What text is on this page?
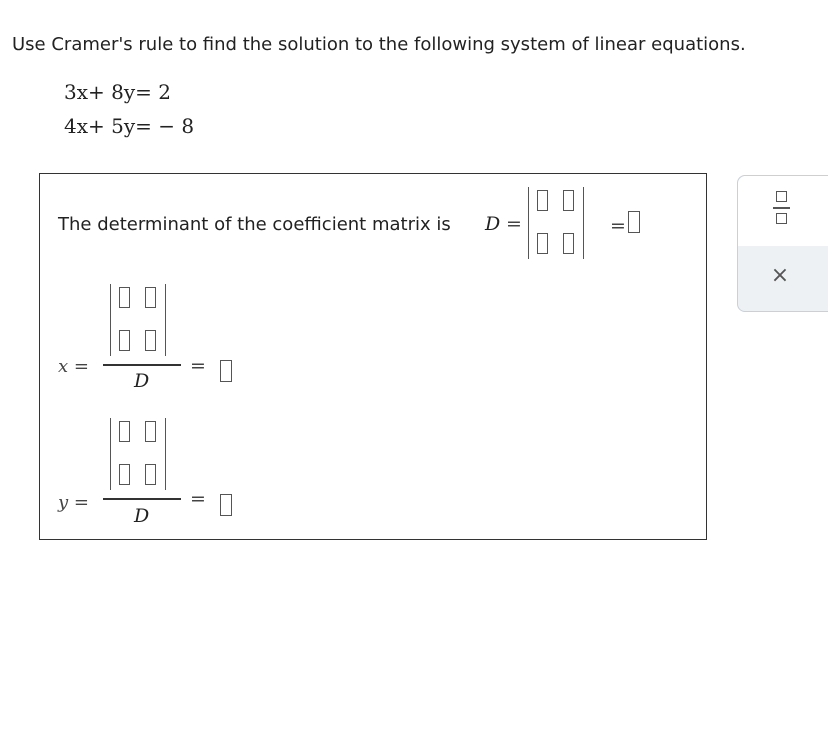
Use Cramer's rule to find the solution to the following system of linear equations.
3x+ 8y= 2
4x+ 5y= − 8
The determinant of the coefficient matrix is D =	=
x =
D
=
y =
D
=
×
